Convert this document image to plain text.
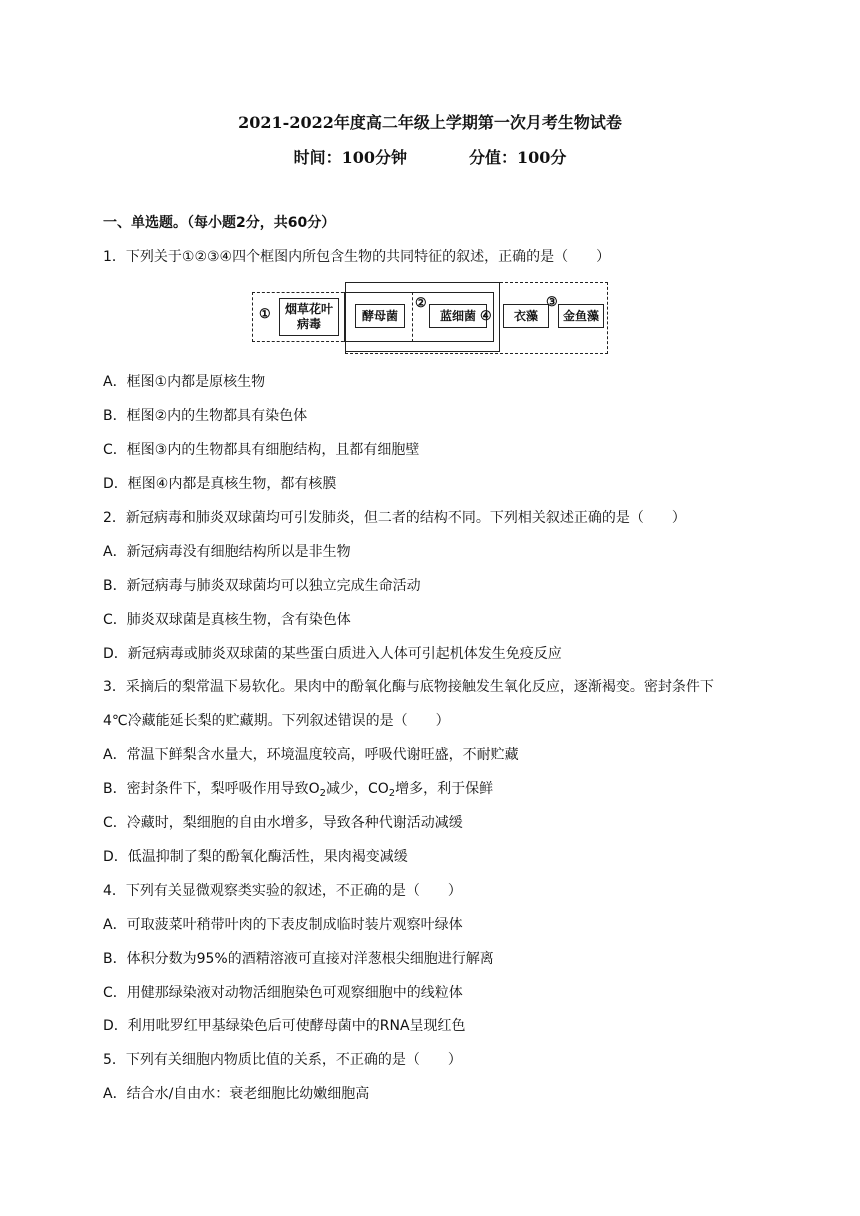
2021-2022年度高二年级上学期第一次月考生物试卷
时间：100分钟	分值：100分
一、单选题。（每小题2分，共60分）
1．下列关于①②③④四个框图内所包含生物的共同特征的叙述，正确的是（　　）
烟草花叶病毒
酵母菌	蓝细菌	衣藻	金鱼藻
①
②	③
④
A．框图①内都是原核生物
B．框图②内的生物都具有染色体
C．框图③内的生物都具有细胞结构，且都有细胞壁
D．框图④内都是真核生物，都有核膜
2．新冠病毒和肺炎双球菌均可引发肺炎，但二者的结构不同。下列相关叙述正确的是（　　）
A．新冠病毒没有细胞结构所以是非生物
B．新冠病毒与肺炎双球菌均可以独立完成生命活动
C．肺炎双球菌是真核生物，含有染色体
D．新冠病毒或肺炎双球菌的某些蛋白质进入人体可引起机体发生免疫反应
3．采摘后的梨常温下易软化。果肉中的酚氧化酶与底物接触发生氧化反应，逐渐褐变。密封条件下
4℃冷藏能延长梨的贮藏期。下列叙述错误的是（　　）
A．常温下鲜梨含水量大，环境温度较高，呼吸代谢旺盛，不耐贮藏
B．密封条件下，梨呼吸作用导致$O_2$减少，$CO_2$增多，利于保鲜
C．冷藏时，梨细胞的自由水增多，导致各种代谢活动减缓
D．低温抑制了梨的酚氧化酶活性，果肉褐变减缓
4．下列有关显微观察类实验的叙述，不正确的是（　　）
A．可取菠菜叶稍带叶肉的下表皮制成临时装片观察叶绿体
B．体积分数为95%的酒精溶液可直接对洋葱根尖细胞进行解离
C．用健那绿染液对动物活细胞染色可观察细胞中的线粒体
D．利用吡罗红甲基绿染色后可使酵母菌中的RNA呈现红色
5．下列有关细胞内物质比值的关系，不正确的是（　　）
A．结合水/自由水：衰老细胞比幼嫩细胞高
